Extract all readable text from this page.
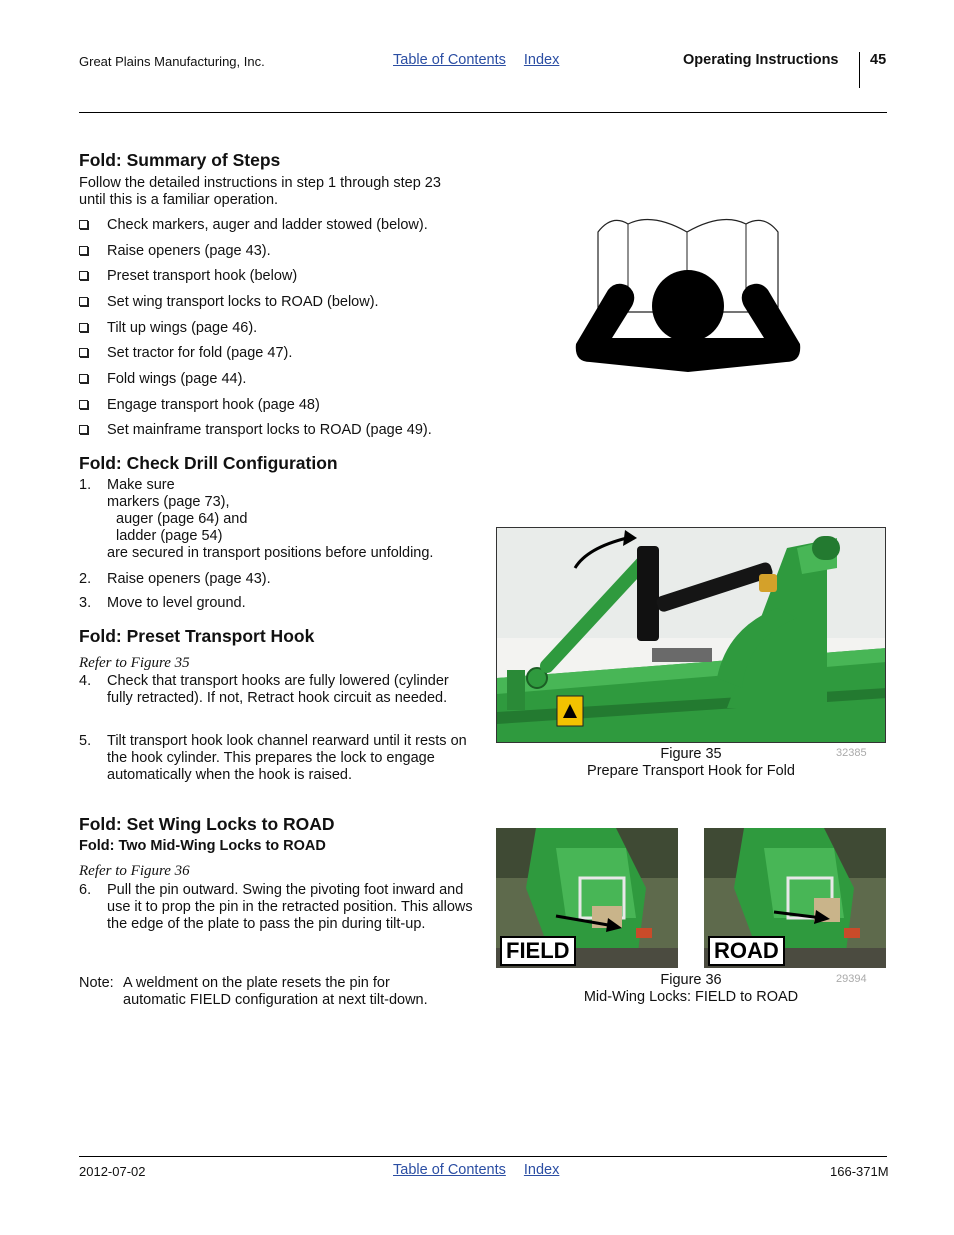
Great Plains Manufacturing, Inc.	Table of Contents Index	Operating Instructions 45
Fold: Summary of Steps
Follow the detailed instructions in step 1 through step 23
until this is a familiar operation.
Check markers, auger and ladder stowed (below).
Raise openers (page 43).
Preset transport hook (below)
Set wing transport locks to ROAD (below).
Tilt up wings (page 46).
Set tractor for fold (page 47).
Fold wings (page 44).
Engage transport hook (page 48)
Set mainframe transport locks to ROAD (page 49).
Fold: Check Drill Configuration
1. Make sure
markers (page 73),
auger (page 64) and
ladder (page 54)
are secured in transport positions before unfolding.
2. Raise openers (page 43).
3. Move to level ground.
Fold: Preset Transport Hook
Refer to Figure 35
4. Check that transport hooks are fully lowered (cylinder fully retracted). If not, Retract hook circuit as needed.
5. Tilt transport hook look channel rearward until it rests on the hook cylinder. This prepares the lock to engage automatically when the hook is raised.
Figure 35
Prepare Transport Hook for Fold
32385
Fold: Set Wing Locks to ROAD
Fold: Two Mid-Wing Locks to ROAD
Refer to Figure 36
6. Pull the pin outward. Swing the pivoting foot inward and use it to prop the pin in the retracted position. This allows the edge of the plate to pass the pin during tilt-up.
Note: A weldment on the plate resets the pin for
automatic FIELD configuration at next tilt-down.
FIELD	ROAD
Figure 36
Mid-Wing Locks: FIELD to ROAD
29394
2012-07-02	Table of Contents Index	166-371M
